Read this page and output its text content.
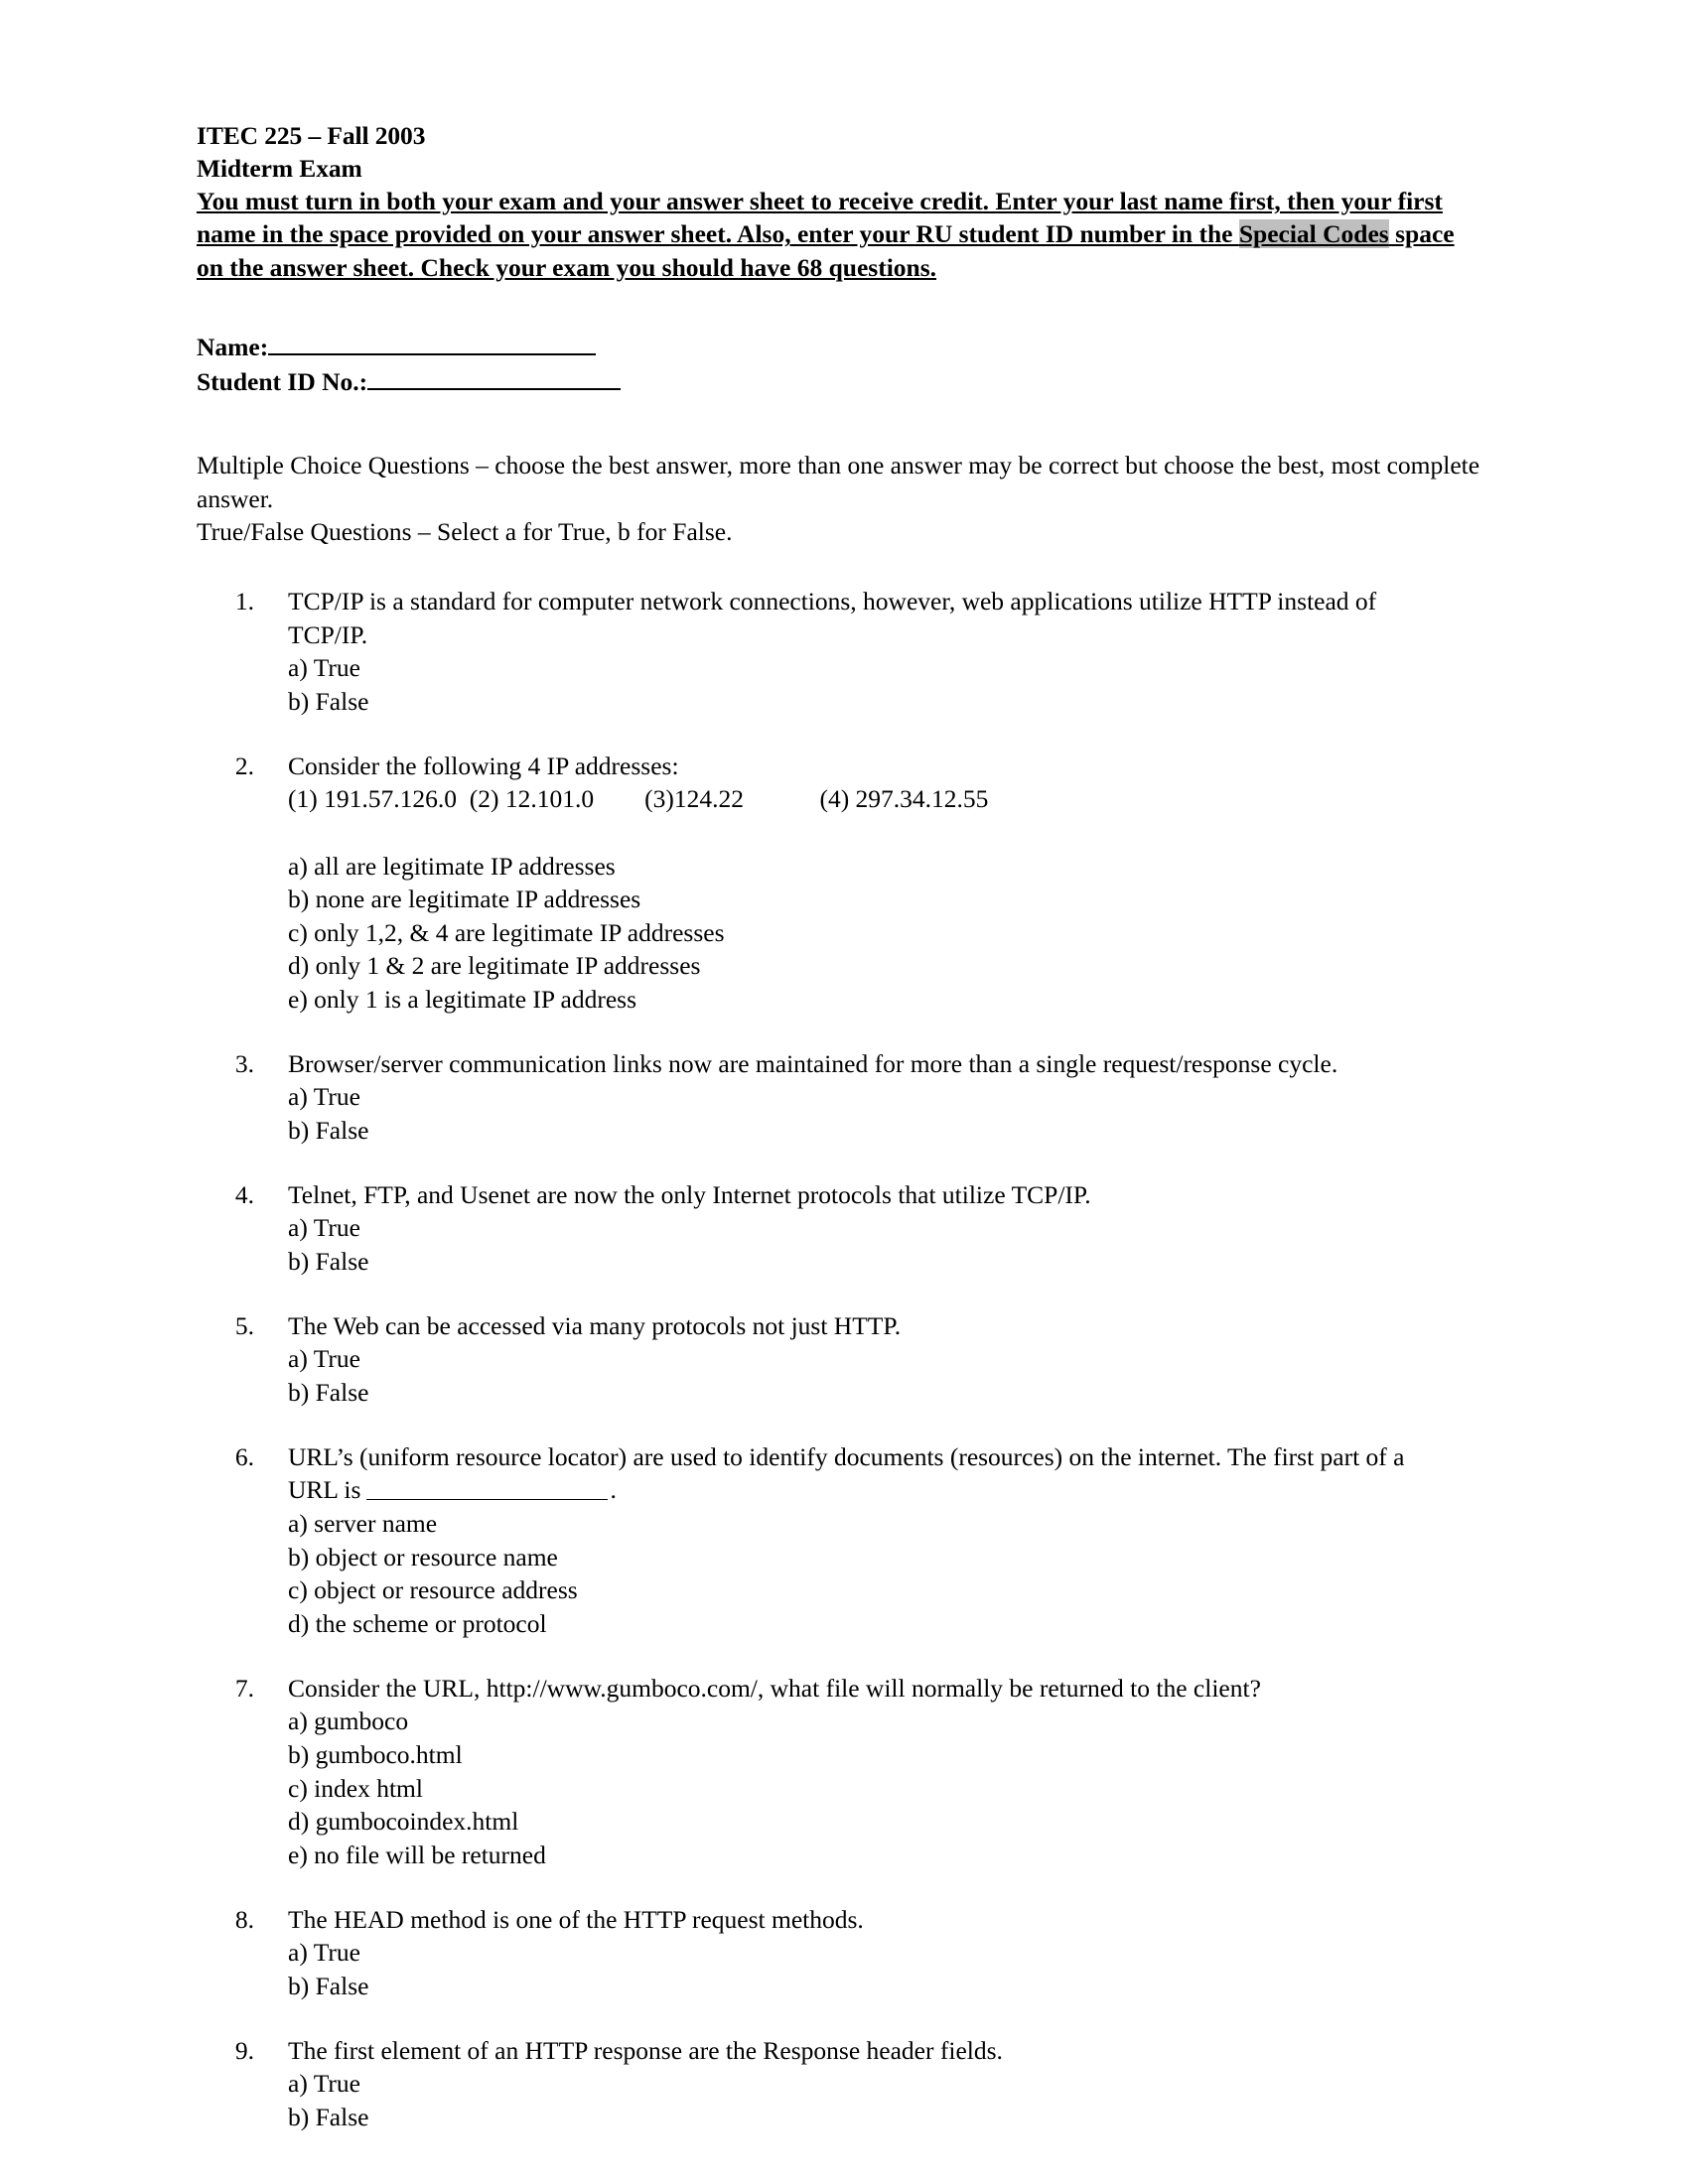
ITEC 225 – Fall 2003
Midterm Exam
You must turn in both your exam and your answer sheet to receive credit. Enter your last name first, then your first name in the space provided on your answer sheet. Also, enter your RU student ID number in the Special Codes space on the answer sheet. Check your exam you should have 68 questions.
Name:
Student ID No.:

Multiple Choice Questions – choose the best answer, more than one answer may be correct but choose the best, most complete answer.

True/False Questions – Select a for True, b for False.

1.	TCP/IP is a standard for computer network connections, however, web applications utilize HTTP instead of TCP/IP.

a) True

b) False

2.	Consider the following 4 IP addresses:

(1) 191.57.126.0  (2) 12.101.0        (3)124.22            (4) 297.34.12.55

a) all are legitimate IP addresses

b) none are legitimate IP addresses

c) only 1,2, & 4 are legitimate IP addresses

d) only 1 & 2 are legitimate IP addresses

e) only 1 is a legitimate IP address

3.	Browser/server communication links now are maintained for more than a single request/response cycle.

a) True

b) False

4.	Telnet, FTP, and Usenet are now the only Internet protocols that utilize TCP/IP.

a) True

b) False

5.	The Web can be accessed via many protocols not just HTTP.

a) True

b) False

6.	URL’s (uniform resource locator) are used to identify documents (resources) on the internet. The first part of a URL is	.

a) server name

b) object or resource name

c) object or resource address

d) the scheme or protocol

7.	Consider the URL, http://www.gumboco.com/, what file will normally be returned to the client?

a) gumboco

b) gumboco.html

c) index html

d) gumbocoindex.html

e) no file will be returned

8.	The HEAD method is one of the HTTP request methods.

a) True

b) False

9.	The first element of an HTTP response are the Response header fields.

a) True

b) False
